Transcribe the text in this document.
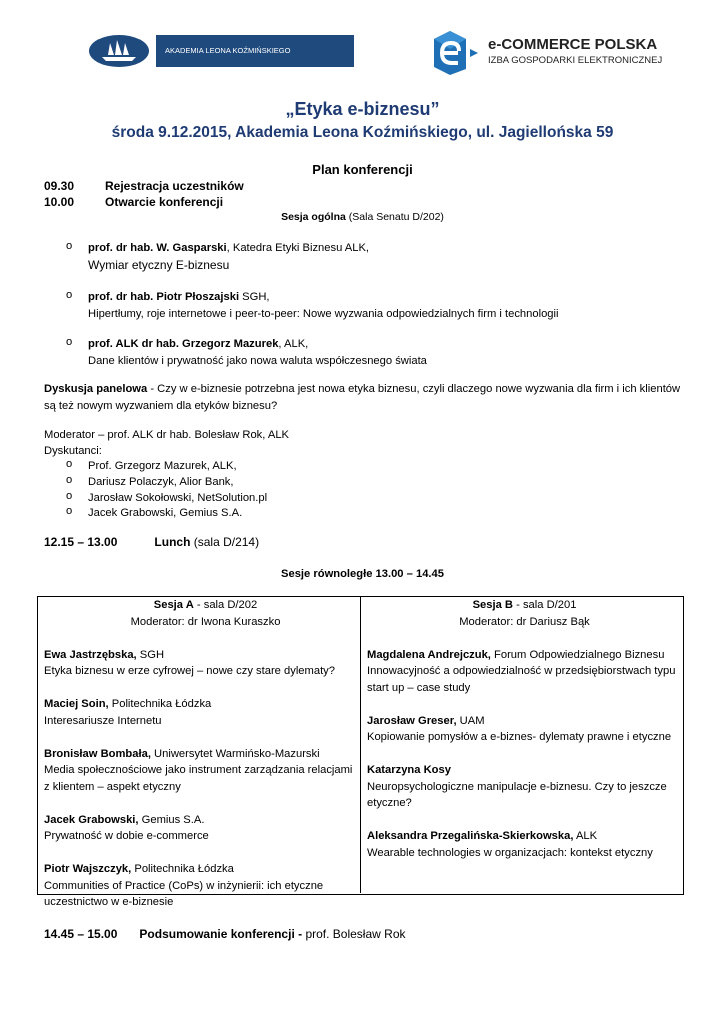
AKADEMIA LEONA KOŹMIŃSKIEGO	e-COMMERCE POLSKA
IZBA GOSPODARKI ELEKTRONICZNEJ
„Etyka e-biznesu”
środa 9.12.2015, Akademia Leona Koźmińskiego, ul. Jagiellońska 59
Plan konferencji
09.30	Rejestracja uczestników
10.00	Otwarcie konferencji
Sesja ogólna (Sala Senatu D/202)
o prof. dr hab. W. Gasparski, Katedra Etyki Biznesu ALK,
Wymiar etyczny E-biznesu
o prof. dr hab. Piotr Płoszajski SGH,
Hipertłumy, roje internetowe i peer-to-peer: Nowe wyzwania odpowiedzialnych firm i technologii
o prof. ALK dr hab. Grzegorz Mazurek, ALK,
Dane klientów i prywatność jako nowa waluta współczesnego świata
Dyskusja panelowa - Czy w e-biznesie potrzebna jest nowa etyka biznesu, czyli dlaczego nowe wyzwania dla firm i ich klientów są też nowym wyzwaniem dla etyków biznesu?
Moderator – prof. ALK dr hab. Bolesław Rok, ALK
Dyskutanci:
o Prof. Grzegorz Mazurek, ALK,
o Dariusz Polaczyk, Alior Bank,
o Jarosław Sokołowski, NetSolution.pl
o Jacek Grabowski, Gemius S.A.
12.15 – 13.00	Lunch (sala D/214)
Sesje równoległe 13.00 – 14.45
Sesja A - sala D/202
Moderator: dr Iwona Kuraszko
Ewa Jastrzębska, SGH
Etyka biznesu w erze cyfrowej – nowe czy stare dylematy?
Maciej Soin, Politechnika Łódzka
Interesariusze Internetu
Bronisław Bombała, Uniwersytet Warmińsko-Mazurski
Media społecznościowe jako instrument zarządzania relacjami z klientem – aspekt etyczny
Jacek Grabowski, Gemius S.A.
Prywatność w dobie e-commerce
Piotr Wajszczyk, Politechnika Łódzka
Communities of Practice (CoPs) w inżynierii: ich etyczne uczestnictwo w e-biznesie
Sesja B - sala D/201
Moderator: dr Dariusz Bąk
Magdalena Andrejczuk, Forum Odpowiedzialnego Biznesu
Innowacyjność a odpowiedzialność w przedsiębiorstwach typu start up – case study
Jarosław Greser, UAM
Kopiowanie pomysłów a e-biznes- dylematy prawne i etyczne
Katarzyna Kosy
Neuropsychologiczne manipulacje e-biznesu. Czy to jeszcze etyczne?
Aleksandra Przegalińska-Skierkowska, ALK
Wearable technologies w organizacjach: kontekst etyczny
14.45 – 15.00 Podsumowanie konferencji - prof. Bolesław Rok
